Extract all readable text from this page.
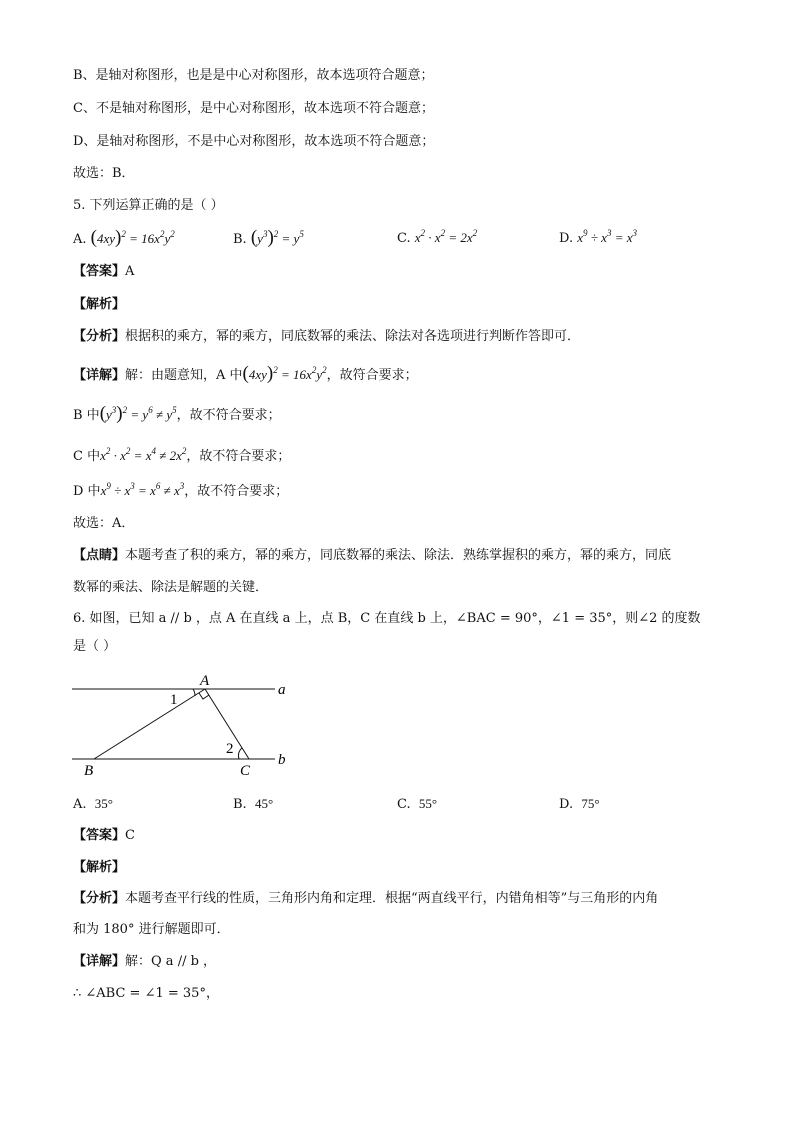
B、是轴对称图形，也是是中心对称图形，故本选项符合题意；
C、不是轴对称图形，是中心对称图形，故本选项不符合题意；
D、是轴对称图形，不是中心对称图形，故本选项不符合题意；
故选：B．
5. 下列运算正确的是（ ）
A. $(4xy)^2 = 16x^2y^2$	B. $(y^3)^2 = y^5$	C. $x^2 \cdot x^2 = 2x^2$	D. $x^9 \div x^3 = x^3$
【答案】A
【解析】
【分析】根据积的乘方，幂的乘方，同底数幂的乘法、除法对各选项进行判断作答即可．
【详解】解：由题意知，A 中$(4xy)^2 = 16x^2y^2$，故符合要求；
B 中$(y^3)^2 = y^6 \ne y^5$，故不符合要求；
C 中$x^2 \cdot x^2 = x^4 \ne 2x^2$，故不符合要求；
D 中$x^9 \div x^3 = x^6 \ne x^3$，故不符合要求；
故选：A．
【点睛】本题考查了积的乘方，幂的乘方，同底数幂的乘法、除法．熟练掌握积的乘方，幂的乘方，同底
数幂的乘法、除法是解题的关键．
6. 如图，已知 a // b ，点 A 在直线 a 上，点 B，C 在直线 b 上，∠BAC = 90°，∠1 = 35°，则∠2 的度数
是（ ）
A
a
1
2
b
B	C
A. 35°	B. 45°	C. 55°	D. 75°
【答案】C
【解析】
【分析】本题考查平行线的性质，三角形内角和定理．根据“两直线平行，内错角相等”与三角形的内角
和为 180° 进行解题即可．
【详解】解：Q a // b ，
∴ ∠ABC = ∠1 = 35°，
